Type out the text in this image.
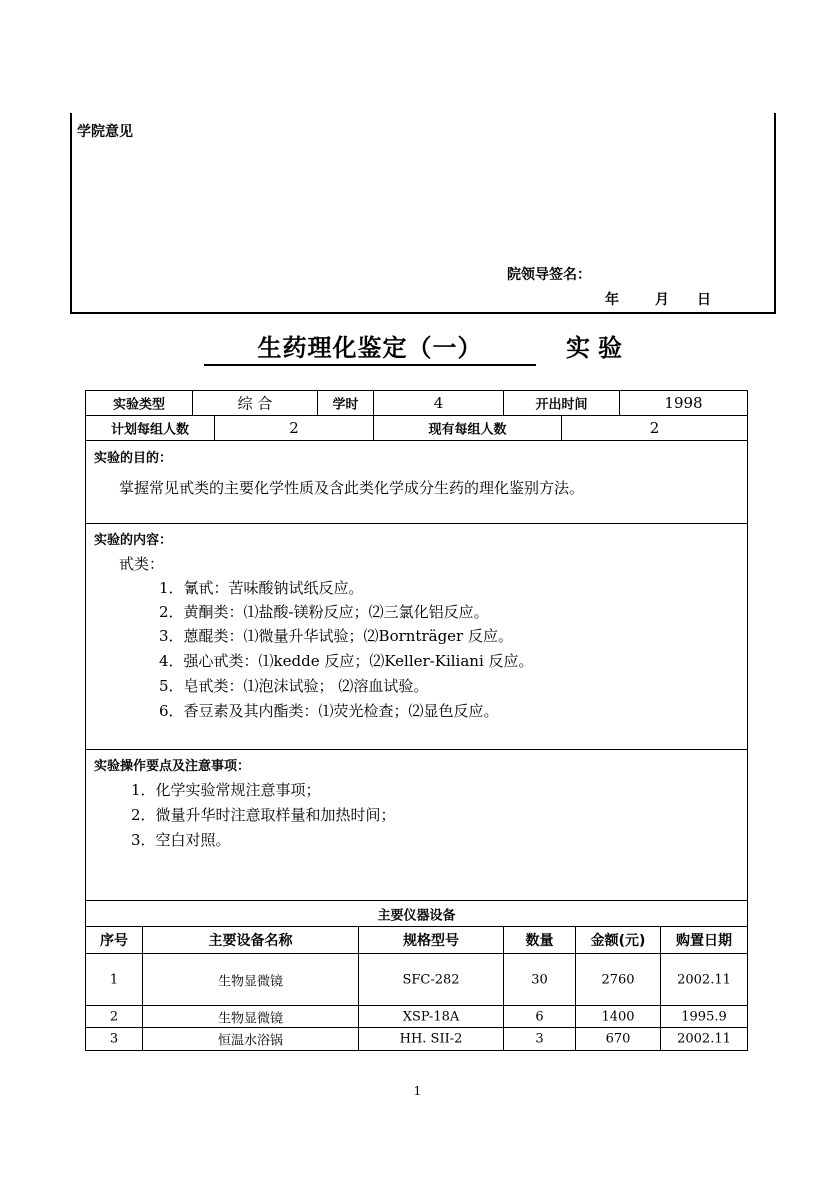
学院意见
院领导签名：
年	月 日
生药理化鉴定（一）	实验
实验类型	综 合	学时	4	开出时间	1998
计划每组人数	2	现有每组人数	2
实验的目的：
掌握常见甙类的主要化学性质及含此类化学成分生药的理化鉴别方法。
实验的内容：
甙类：
1．氰甙：苦味酸钠试纸反应。
2．黄酮类：⑴盐酸-镁粉反应；⑵三氯化铝反应。
3．蒽醌类：⑴微量升华试验；⑵Bornträger 反应。
4．强心甙类：⑴kedde 反应；⑵Keller-Kiliani 反应。
5．皂甙类：⑴泡沫试验； ⑵溶血试验。
6．香豆素及其内酯类：⑴荧光检查；⑵显色反应。
实验操作要点及注意事项：
1．化学实验常规注意事项；
2．微量升华时注意取样量和加热时间；
3．空白对照。
主要仪器设备
序号	主要设备名称	规格型号	数量	金额(元)	购置日期
1	生物显微镜	SFC-282	30	2760	2002.11
2	生物显微镜	XSP-18A	6	1400	1995.9
3	恒温水浴锅	HH. SII-2	3	670	2002.11
1
